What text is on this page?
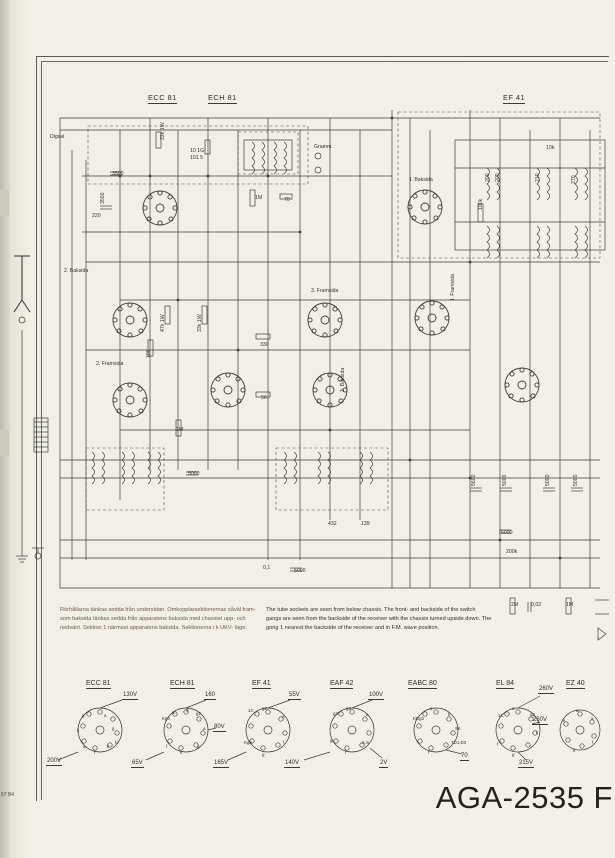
ECC 81	ECH 81	EF 41
Digsal
Gramm.
I. Baksida
2. Baksida
2. Framsida
3. Framsida
3. Baksida
I. Framsida
3500
220
3500
22k 1W
10 1G
101 5
1M	70
47k 1W	33k 1W
100
330
56
1M
5000
432	139
5600	5000	5000	5000
5000
200k
2M 0,02	1M
0,1	5000
10k
200 200	210
100k
270
Rörhållarna tänkas sedda från undersidan. Omkopplarsektionernas såväl fram- som baksida tänkas sedda från apparatens baksida med chassiet upp- och nedvänt. Sektion 1 närmast apparatens baksida. Sektionerna i k UKV- läge.
The tube sockets are seen from below chassis. The front- and backside of the switch gangs are seen from the backside of the receiver with the chassis turned upside down. The gong 1 nearest the backside of the receiver and in F.M. wave position.
ECC 81	ECH 81	EF 41	EAF 42	EABC 80	EL 84	EZ 40
130V
200V
160
80V
65V
55V
165V
100V
2V
140V
70
260V
250V
215V
g
k
a
a
g
k
f
fc
Kg3
g2
a
g
k
f
a
g	1C g2
a
Kg3
g
f
g2
g3
a
g	K.S
f
KDg3
a
k
SK
TD1,D3
f
1C
a
g2
k
g
f
k
a
a
f
k
AGA-2535 F
57 B4
